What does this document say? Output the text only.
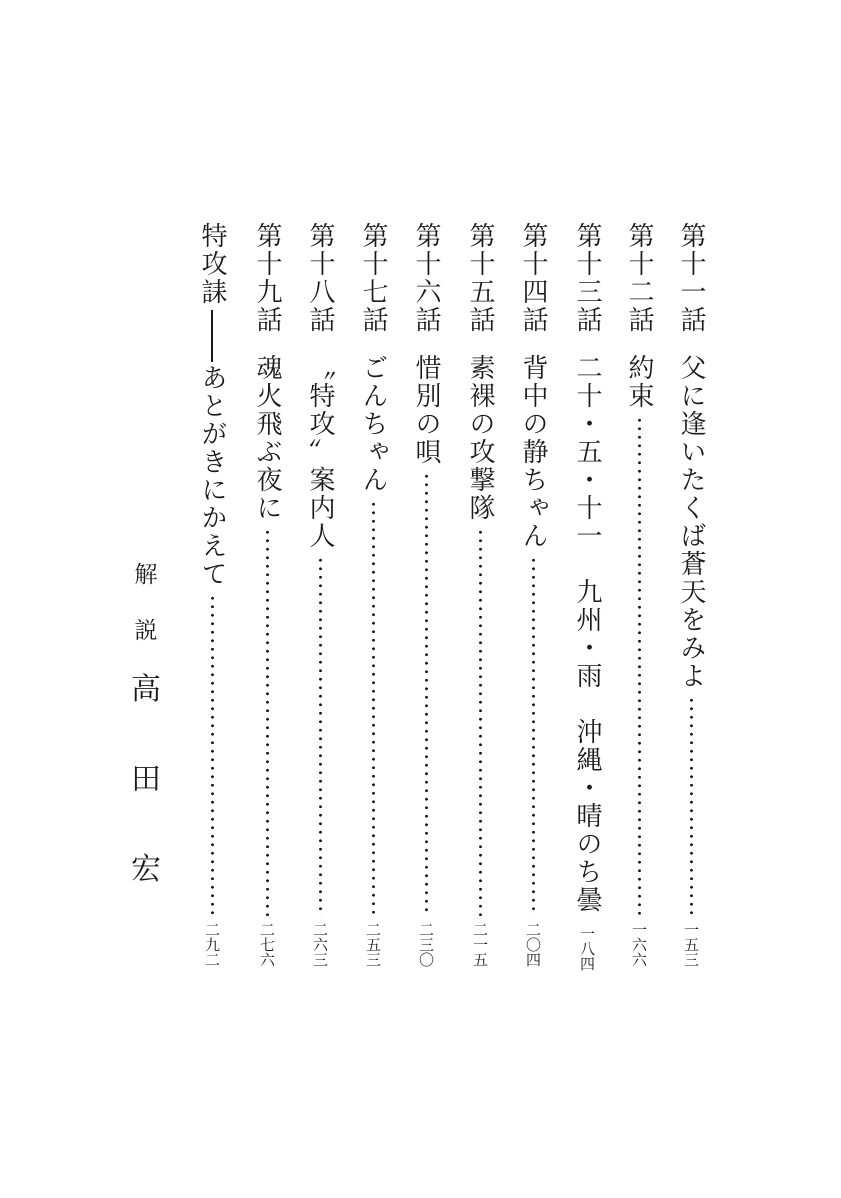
第十一話
父に逢いたくば蒼天をみよ
一五三
第十二話
約束
一六六
第十三話
二十・五・十一　九州・雨　沖縄・晴のち曇
一八四
第十四話
背中の静ちゃん
二〇四
第十五話
素裸の攻撃隊
二一五
第十六話
惜別の唄
二三〇
第十七話
ごんちゃん
二五三
第十八話
〝特攻〟案内人
二六三
第十九話
魂火飛ぶ夜に
二七六
特攻誄
あとがきにかえて
二九二
解
説
高
田
宏
